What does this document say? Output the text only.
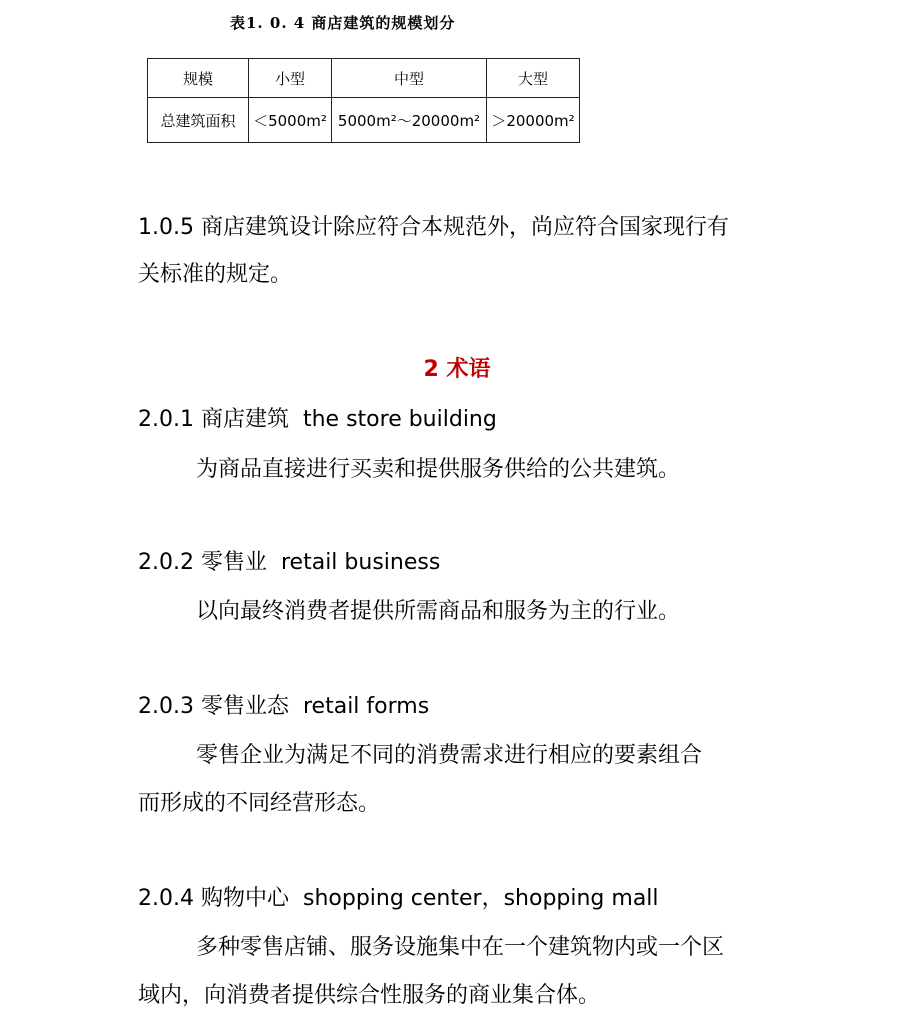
表1. 0. 4 商店建筑的规模划分
规模	小型	中型	大型
总建筑面积	＜5000m²	5000m²～20000m²	＞20000m²
1.0.5 商店建筑设计除应符合本规范外，尚应符合国家现行有
关标准的规定。
2 术语
2.0.1 商店建筑 the store building
为商品直接进行买卖和提供服务供给的公共建筑。
2.0.2 零售业 retail business
以向最终消费者提供所需商品和服务为主的行业。
2.0.3 零售业态 retail forms
零售企业为满足不同的消费需求进行相应的要素组合
而形成的不同经营形态。
2.0.4 购物中心 shopping center，shopping mall
多种零售店铺、服务设施集中在一个建筑物内或一个区
域内，向消费者提供综合性服务的商业集合体。
